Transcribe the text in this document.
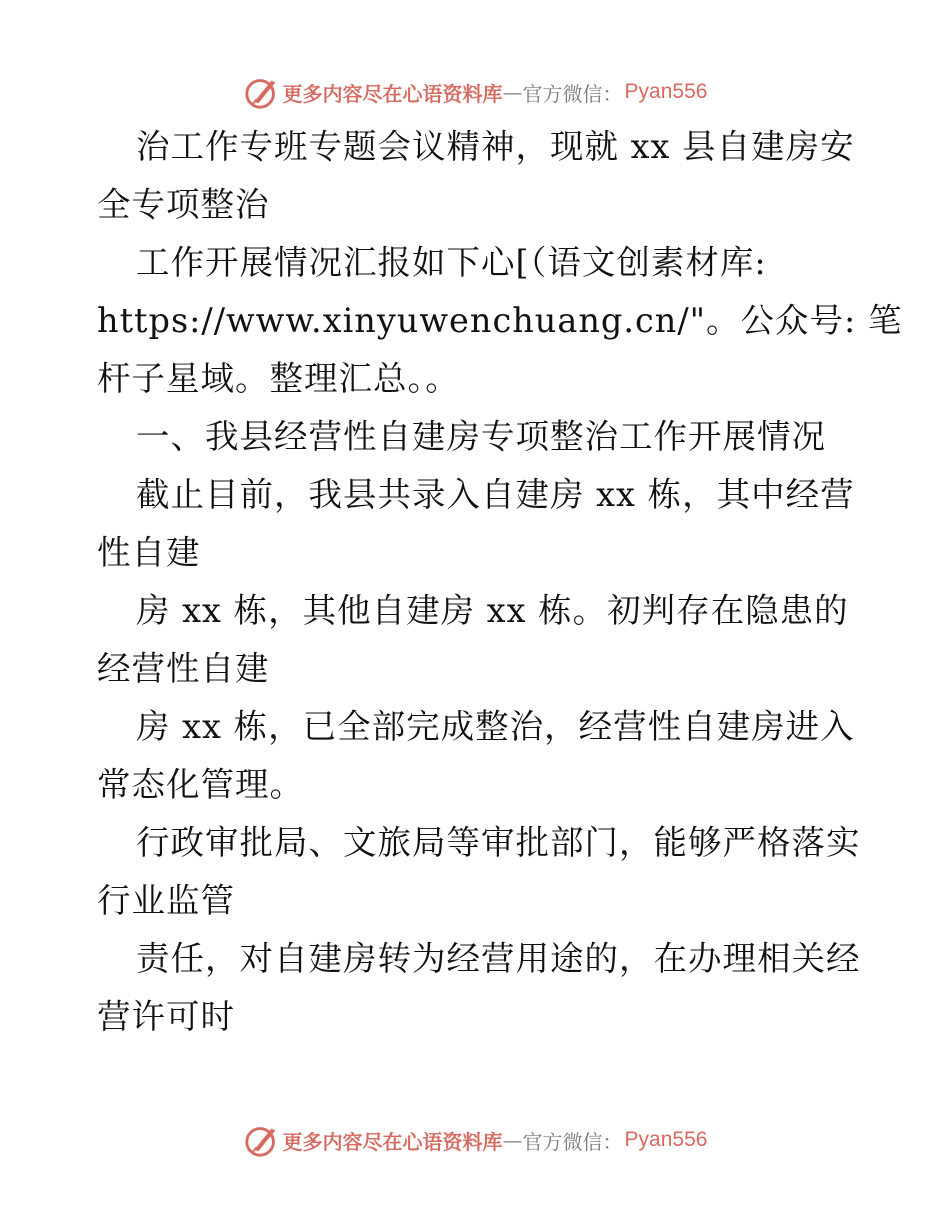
更多内容尽在心语资料库 — 官方微信： Pyan556
治工作专班专题会议精神，现就 xx 县自建房安
全专项整治
工作开展情况汇报如下心[（语文创素材库:
https://www.xinyuwenchuang.cn/"。公众号: 笔
杆子星域。整理汇总。。
一、我县经营性自建房专项整治工作开展情况
截止目前，我县共录入自建房 xx 栋，其中经营
性自建
房 xx 栋，其他自建房 xx 栋。初判存在隐患的
经营性自建
房 xx 栋，已全部完成整治，经营性自建房进入
常态化管理。
行政审批局、文旅局等审批部门，能够严格落实
行业监管
责任，对自建房转为经营用途的，在办理相关经
营许可时
更多内容尽在心语资料库 — 官方微信： Pyan556
